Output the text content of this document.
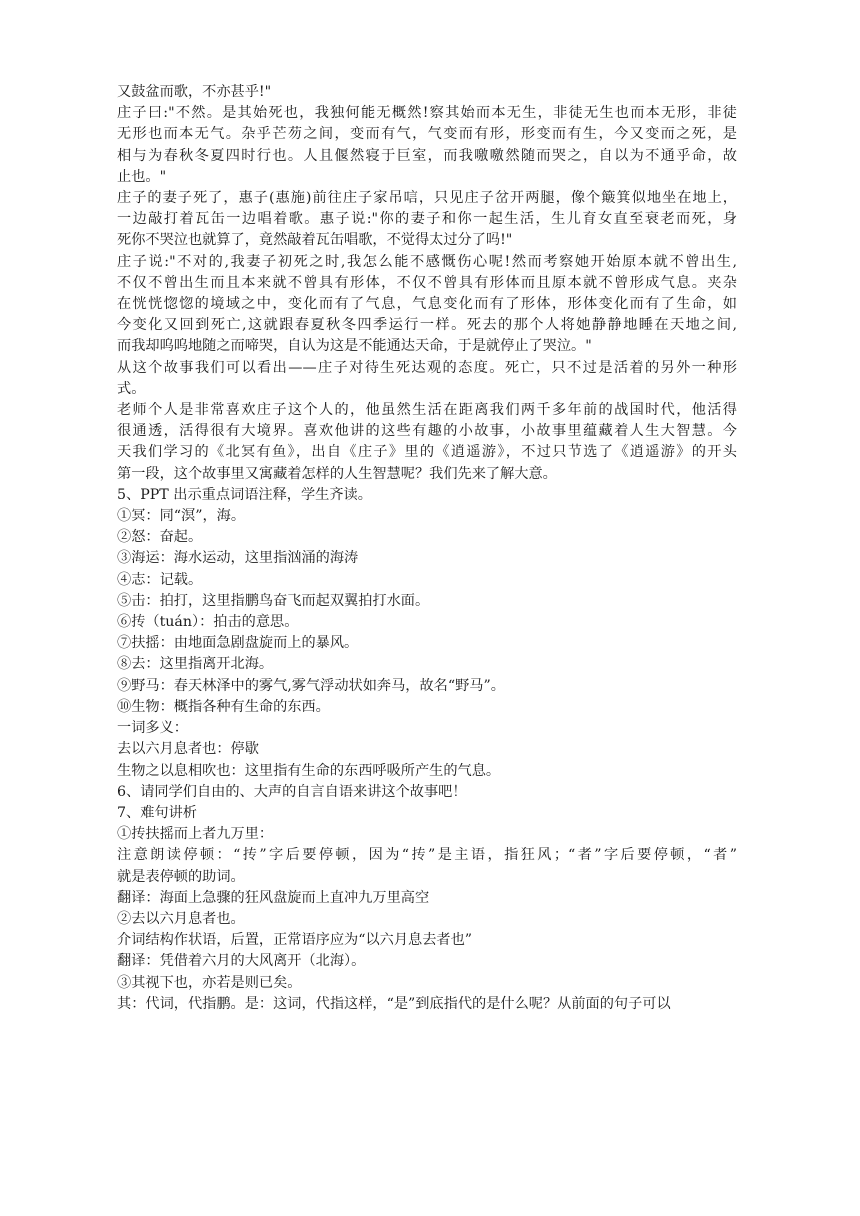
又鼓盆而歌，不亦甚乎!"
庄子曰:"不然。是其始死也，我独何能无概然!察其始而本无生，非徒无生也而本无形，非徒
无形也而本无气。杂乎芒芴之间，变而有气，气变而有形，形变而有生，今又变而之死，是
相与为春秋冬夏四时行也。人且偃然寝于巨室，而我噭噭然随而哭之，自以为不通乎命，故
止也。"
庄子的妻子死了，惠子(惠施)前往庄子家吊唁，只见庄子岔开两腿，像个簸箕似地坐在地上，
一边敲打着瓦缶一边唱着歌。惠子说:"你的妻子和你一起生活，生儿育女直至衰老而死，身
死你不哭泣也就算了，竟然敲着瓦缶唱歌，不觉得太过分了吗!"
庄子说:"不对的,我妻子初死之时,我怎么能不感慨伤心呢!然而考察她开始原本就不曾出生,
不仅不曾出生而且本来就不曾具有形体，不仅不曾具有形体而且原本就不曾形成气息。夹杂
在恍恍惚惚的境域之中，变化而有了气息，气息变化而有了形体，形体变化而有了生命，如
今变化又回到死亡,这就跟春夏秋冬四季运行一样。死去的那个人将她静静地睡在天地之间,
而我却呜呜地随之而啼哭，自认为这是不能通达天命，于是就停止了哭泣。"
从这个故事我们可以看出——庄子对待生死达观的态度。死亡，只不过是活着的另外一种形
式。
老师个人是非常喜欢庄子这个人的，他虽然生活在距离我们两千多年前的战国时代，他活得
很通透，活得很有大境界。喜欢他讲的这些有趣的小故事，小故事里蕴藏着人生大智慧。今
天我们学习的《北冥有鱼》，出自《庄子》里的《逍遥游》，不过只节选了《逍遥游》的开头
第一段，这个故事里又寓藏着怎样的人生智慧呢？我们先来了解大意。
5、PPT 出示重点词语注释，学生齐读。
①冥：同“溟”，海。
②怒：奋起。
③海运：海水运动，这里指汹涌的海涛
④志：记载。
⑤击：拍打，这里指鹏鸟奋飞而起双翼拍打水面。
⑥抟（tuán）：拍击的意思。
⑦扶摇：由地面急剧盘旋而上的暴风。
⑧去：这里指离开北海。
⑨野马：春天林泽中的雾气,雾气浮动状如奔马，故名“野马”。
⑩生物：概指各种有生命的东西。
一词多义：
去以六月息者也：停歇
生物之以息相吹也：这里指有生命的东西呼吸所产生的气息。
6、请同学们自由的、大声的自言自语来讲这个故事吧！
7、难句讲析
①抟扶摇而上者九万里：
注意朗读停顿：“抟”字后要停顿，因为“抟”是主语，指狂风；“者”字后要停顿，“者”
就是表停顿的助词。
翻译：海面上急骤的狂风盘旋而上直冲九万里高空
②去以六月息者也。
介词结构作状语，后置，正常语序应为“以六月息去者也”
翻译：凭借着六月的大风离开（北海）。
③其视下也，亦若是则已矣。
其：代词，代指鹏。是：这词，代指这样，“是”到底指代的是什么呢？从前面的句子可以
